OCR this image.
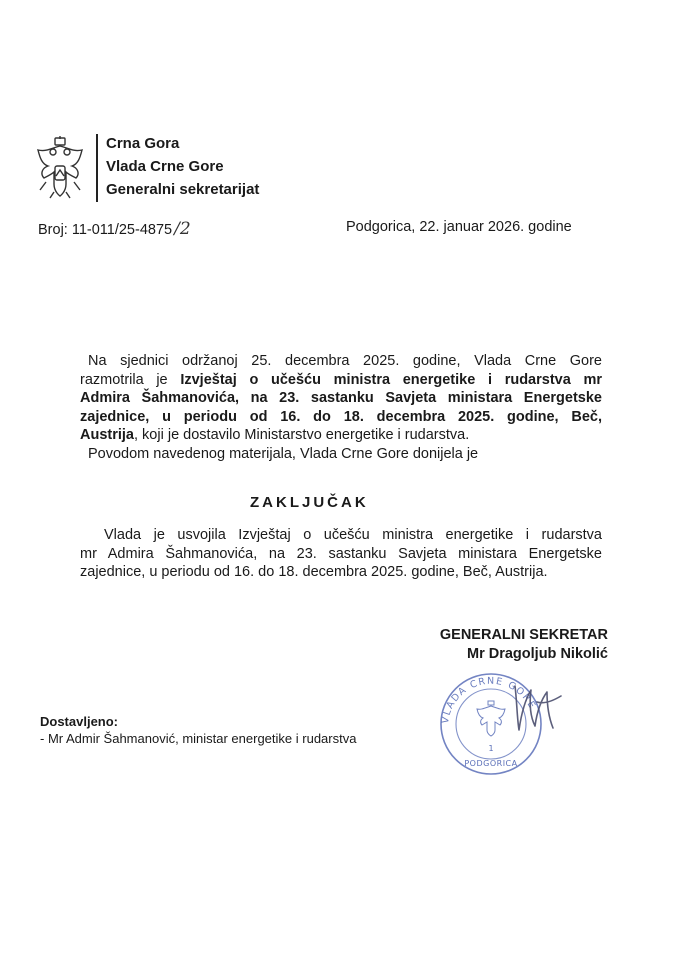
Crna Gora
Vlada Crne Gore
Generalni sekretarijat
Broj: 11-011/25-4875 /2	Podgorica, 22. januar 2026. godine
Na sjednici održanoj 25. decembra 2025. godine, Vlada Crne Gore
razmotrila je Izvještaj o učešću ministra energetike i rudarstva mr
Admira Šahmanovića, na 23. sastanku Savjeta ministara Energetske
zajednice, u periodu od 16. do 18. decembra 2025. godine, Beč,
Austrija, koji je dostavilo Ministarstvo energetike i rudarstva.
Povodom navedenog materijala, Vlada Crne Gore donijela je
ZAKLJUČAK
Vlada je usvojila Izvještaj o učešću ministra energetike i rudarstva
mr Admira Šahmanovića, na 23. sastanku Savjeta ministara Energetske
zajednice, u periodu od 16. do 18. decembra 2025. godine, Beč, Austrija.
GENERALNI SEKRETAR
Mr Dragoljub Nikolić
VLADA CRNE GORE
1
PODGORICA
Dostavljeno:
- Mr Admir Šahmanović, ministar energetike i rudarstva
